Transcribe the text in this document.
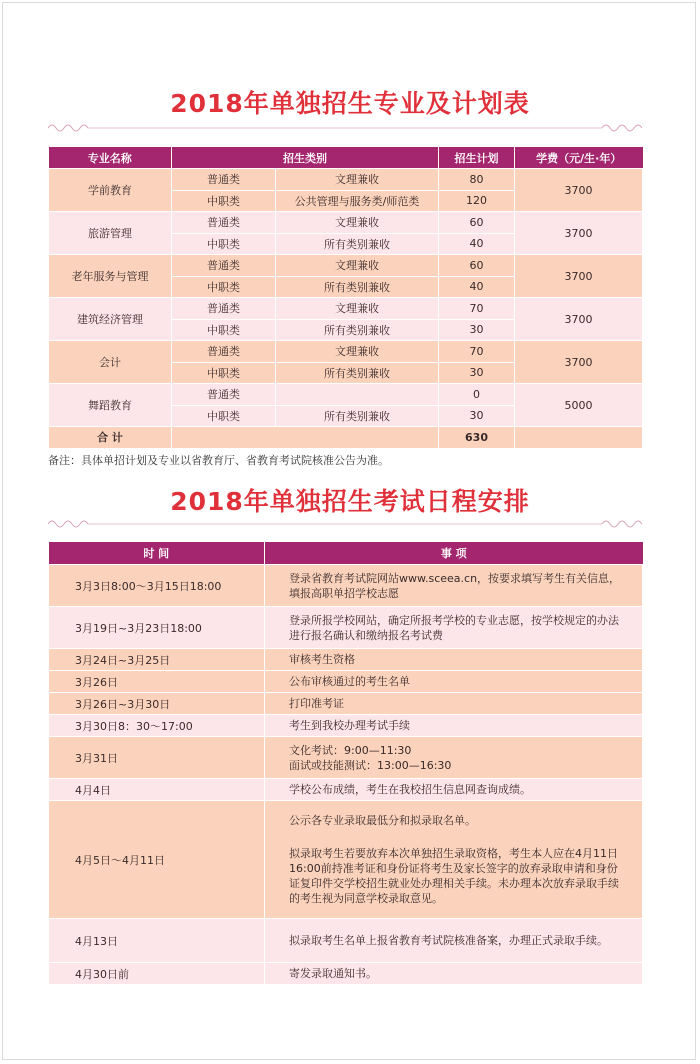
2018年单独招生专业及计划表
专业名称	招生类别		招生计划	学费（元/生·年）
学前教育	普通类	文理兼收	80	3700
	中职类	公共管理与服务类/师范类	120	
旅游管理	普通类	文理兼收	60	3700
	中职类	所有类别兼收	40	
老年服务与管理	普通类	文理兼收	60	3700
	中职类	所有类别兼收	40	
建筑经济管理	普通类	文理兼收	70	3700
	中职类	所有类别兼收	30	
会计	普通类	文理兼收	70	3700
	中职类	所有类别兼收	30	
舞蹈教育	普通类		0	5000
	中职类	所有类别兼收	30	
合 计			630	
备注：具体单招计划及专业以省教育厅、省教育考试院核准公告为准。
2018年单独招生考试日程安排
时 间	事 项
3月3日8:00～3月15日18:00	登录省教育考试院网站www.sceea.cn，按要求填写考生有关信息，填报高职单招学校志愿
3月19日~3月23日18:00	登录所报学校网站，确定所报考学校的专业志愿，按学校规定的办法进行报名确认和缴纳报名考试费
3月24日~3月25日	审核考生资格
3月26日	公布审核通过的考生名单
3月26日~3月30日	打印准考证
3月30日8：30～17:00	考生到我校办理考试手续
3月31日	文化考试：9:00—11:30
面试或技能测试：13:00—16:30

4月4日	学校公布成绩，考生在我校招生信息网查询成绩。
4月5日～4月11日	公示各专业录取最低分和拟录取名单。
拟录取考生若要放弃本次单独招生录取资格，考生本人应在4月11日16:00前持准考证和身份证将考生及家长签字的放弃录取申请和身份证复印件交学校招生就业处办理相关手续。未办理本次放弃录取手续的考生视为同意学校录取意见。

4月13日	拟录取考生名单上报省教育考试院核准备案，办理正式录取手续。
4月30日前	寄发录取通知书。
